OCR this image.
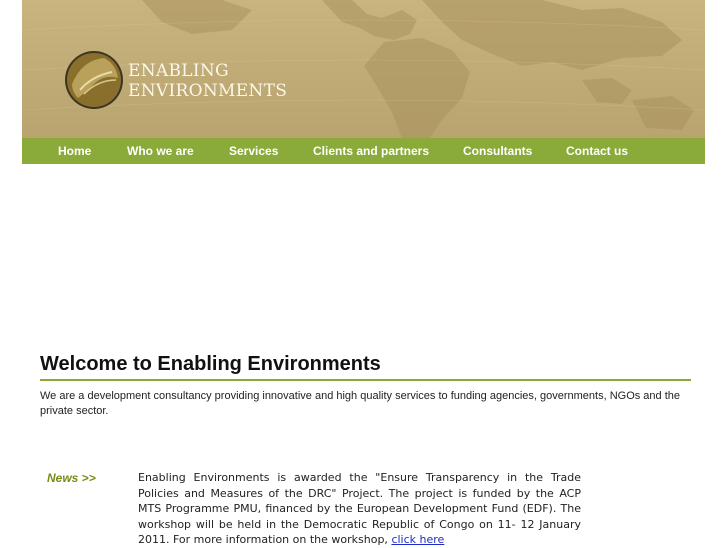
ENABLING
ENVIRONMENTS
Home	Who we are	Services	Clients and partners	Consultants	Contact us
Welcome to Enabling Environments
We are a development consultancy providing innovative and high quality services to funding agencies, governments, NGOs and the private sector.
News >>	Enabling Environments is awarded the "Ensure Transparency in the Trade Policies and Measures of the DRC" Project. The project is funded by the ACP MTS Programme PMU, financed by the European Development Fund (EDF). The workshop will be held in the Democratic Republic of Congo on 11- 12 January 2011. For more information on the workshop, click here
